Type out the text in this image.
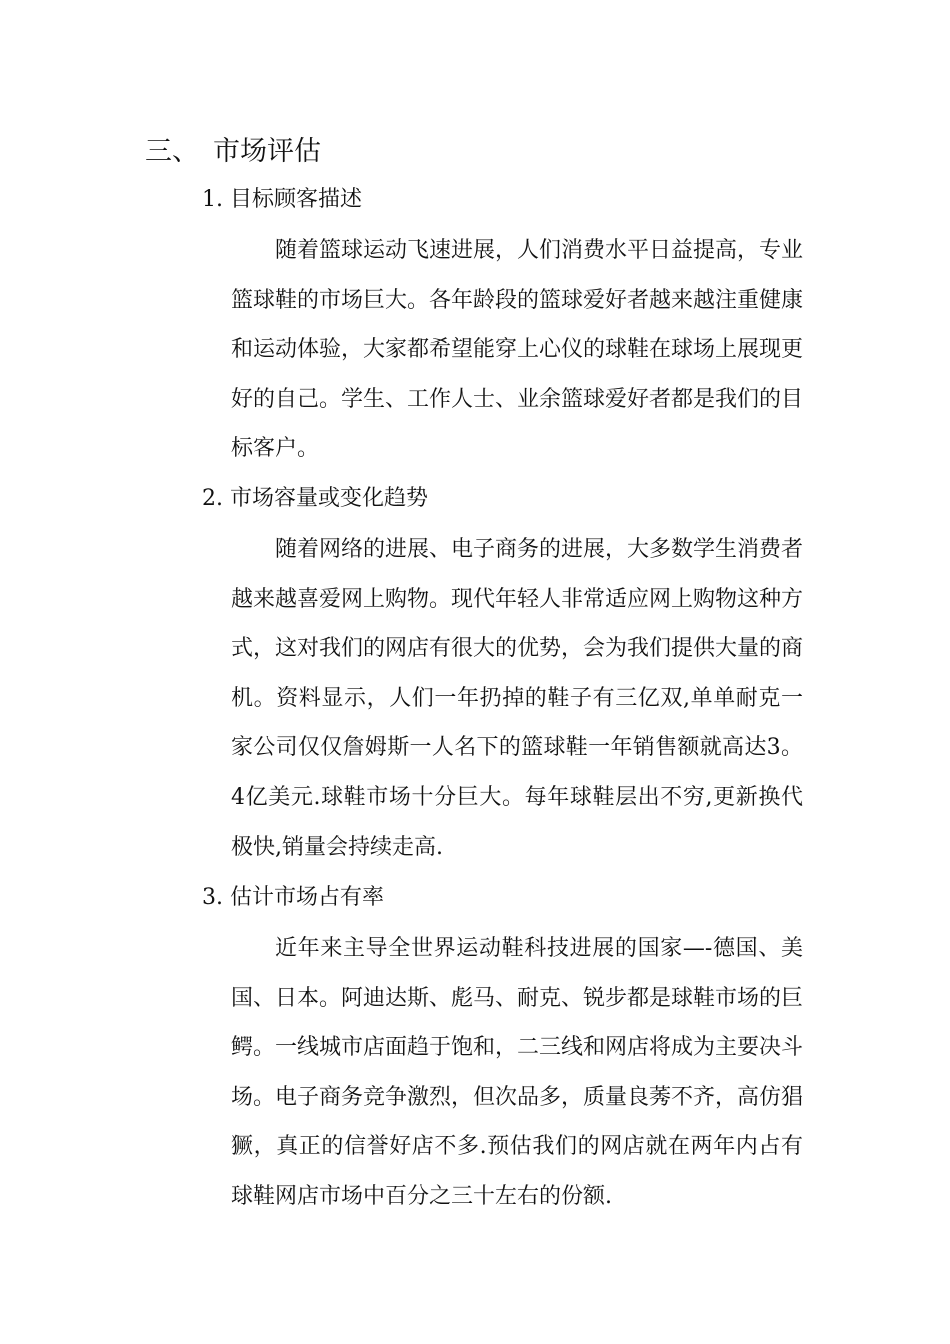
三、 市场评估
1. 目标顾客描述

随着篮球运动飞速进展，人们消费水平日益提高，专业篮球鞋的市场巨大。各年龄段的篮球爱好者越来越注重健康和运动体验，大家都希望能穿上心仪的球鞋在球场上展现更好的自己。学生、工作人士、业余篮球爱好者都是我们的目标客户。

2. 市场容量或变化趋势

随着网络的进展、电子商务的进展，大多数学生消费者越来越喜爱网上购物。现代年轻人非常适应网上购物这种方式，这对我们的网店有很大的优势，会为我们提供大量的商机。资料显示，人们一年扔掉的鞋子有三亿双,单单耐克一家公司仅仅詹姆斯一人名下的篮球鞋一年销售额就高达3。4亿美元.球鞋市场十分巨大。每年球鞋层出不穷,更新换代极快,销量会持续走高.

3. 估计市场占有率

近年来主导全世界运动鞋科技进展的国家—-德国、美国、日本。阿迪达斯、彪马、耐克、锐步都是球鞋市场的巨鳄。一线城市店面趋于饱和，二三线和网店将成为主要决斗场。电子商务竞争激烈，但次品多，质量良莠不齐，高仿猖獗，真正的信誉好店不多.预估我们的网店就在两年内占有球鞋网店市场中百分之三十左右的份额.
